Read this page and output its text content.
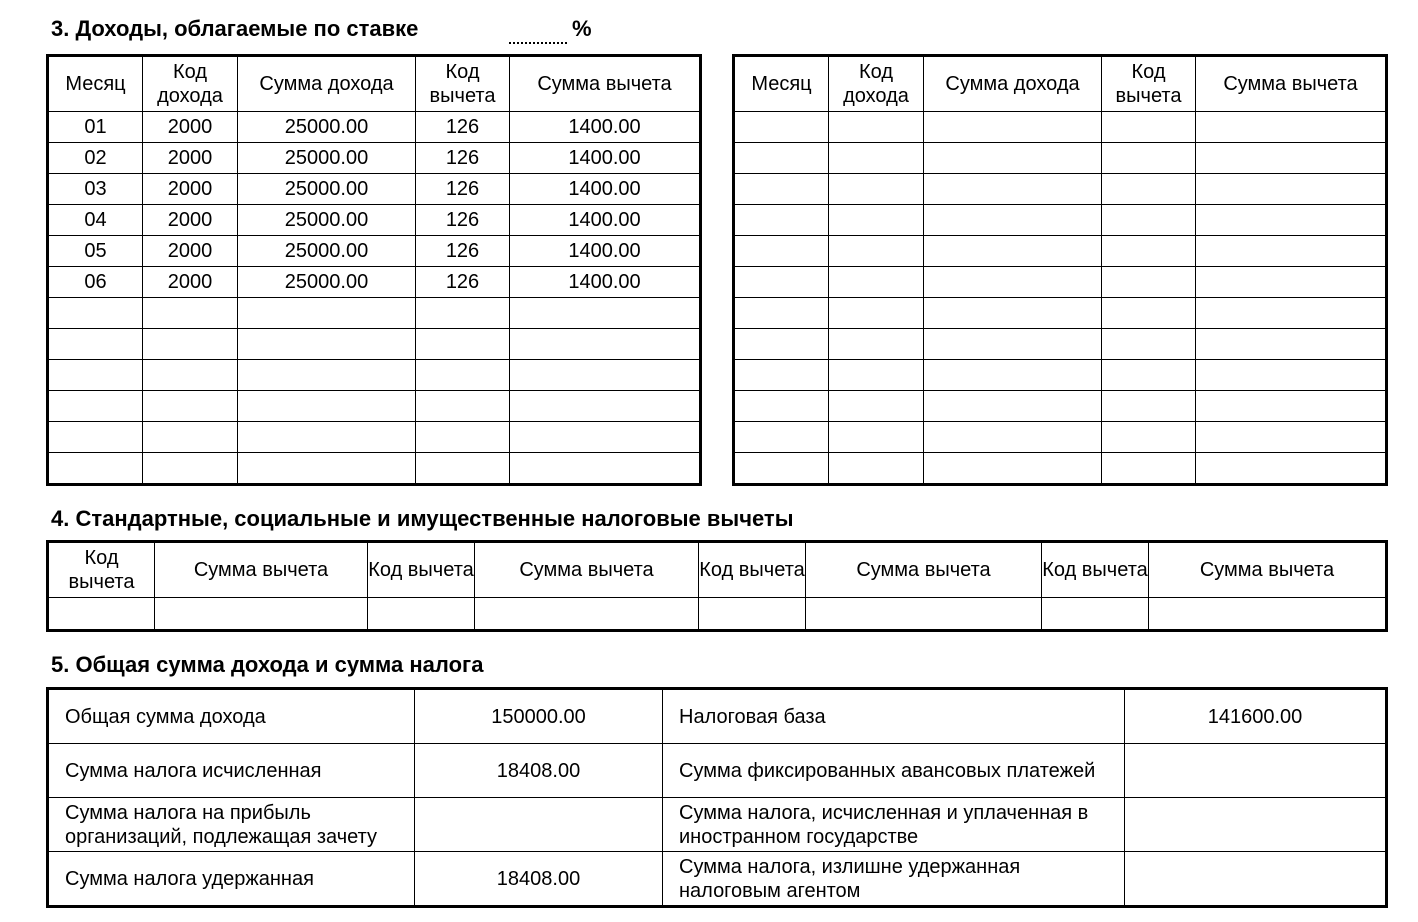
3. Доходы, облагаемые по ставке	%
Месяц	Код дохода	Сумма дохода	Код вычета	Сумма вычета
01	2000	25000.00	126	1400.00
02	2000	25000.00	126	1400.00
03	2000	25000.00	126	1400.00
04	2000	25000.00	126	1400.00
05	2000	25000.00	126	1400.00
06	2000	25000.00	126	1400.00

Месяц	Код дохода	Сумма дохода	Код вычета	Сумма вычета

4. Стандартные, социальные и имущественные налоговые вычеты
Код вычета	Сумма вычета	Код вычета	Сумма вычета	Код вычета	Сумма вычета	Код вычета	Сумма вычета

5. Общая сумма дохода и сумма налога
Общая сумма дохода	150000.00	Налоговая база	141600.00
Сумма налога исчисленная	18408.00	Сумма фиксированных авансовых платежей	
Сумма налога на прибыль организаций, подлежащая зачету		Сумма налога, исчисленная и уплаченная в иностранном государстве	
Сумма налога удержанная	18408.00	Сумма налога, излишне удержанная налоговым агентом	
